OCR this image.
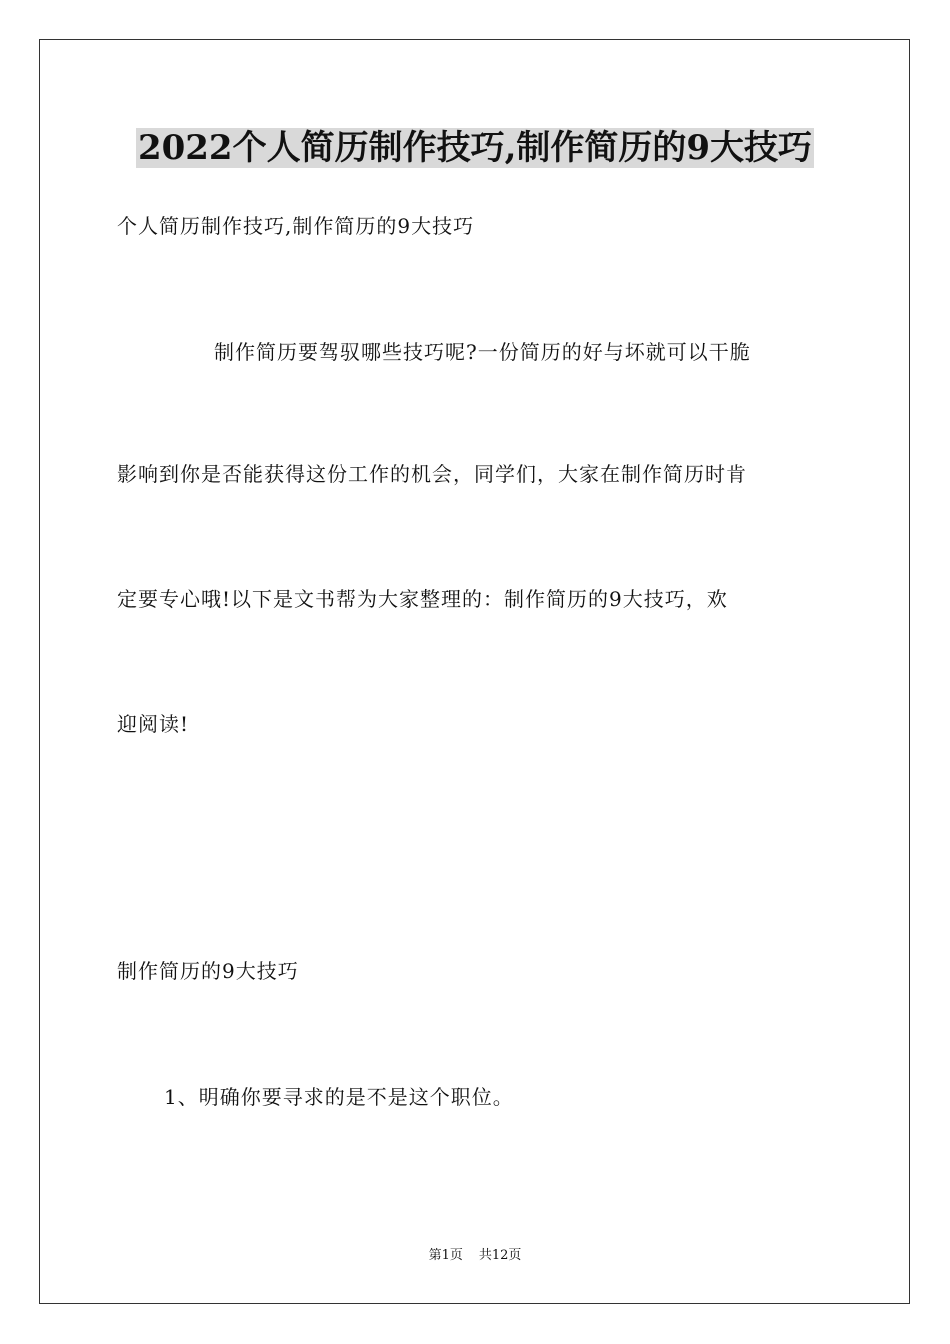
2022个人简历制作技巧,制作简历的9大技巧
个人简历制作技巧,制作简历的9大技巧
制作简历要驾驭哪些技巧呢?一份简历的好与坏就可以干脆
影响到你是否能获得这份工作的机会，同学们，大家在制作简历时肯
定要专心哦!以下是文书帮为大家整理的：制作简历的9大技巧，欢
迎阅读!
制作简历的9大技巧
1、明确你要寻求的是不是这个职位。
第1页 共12页
